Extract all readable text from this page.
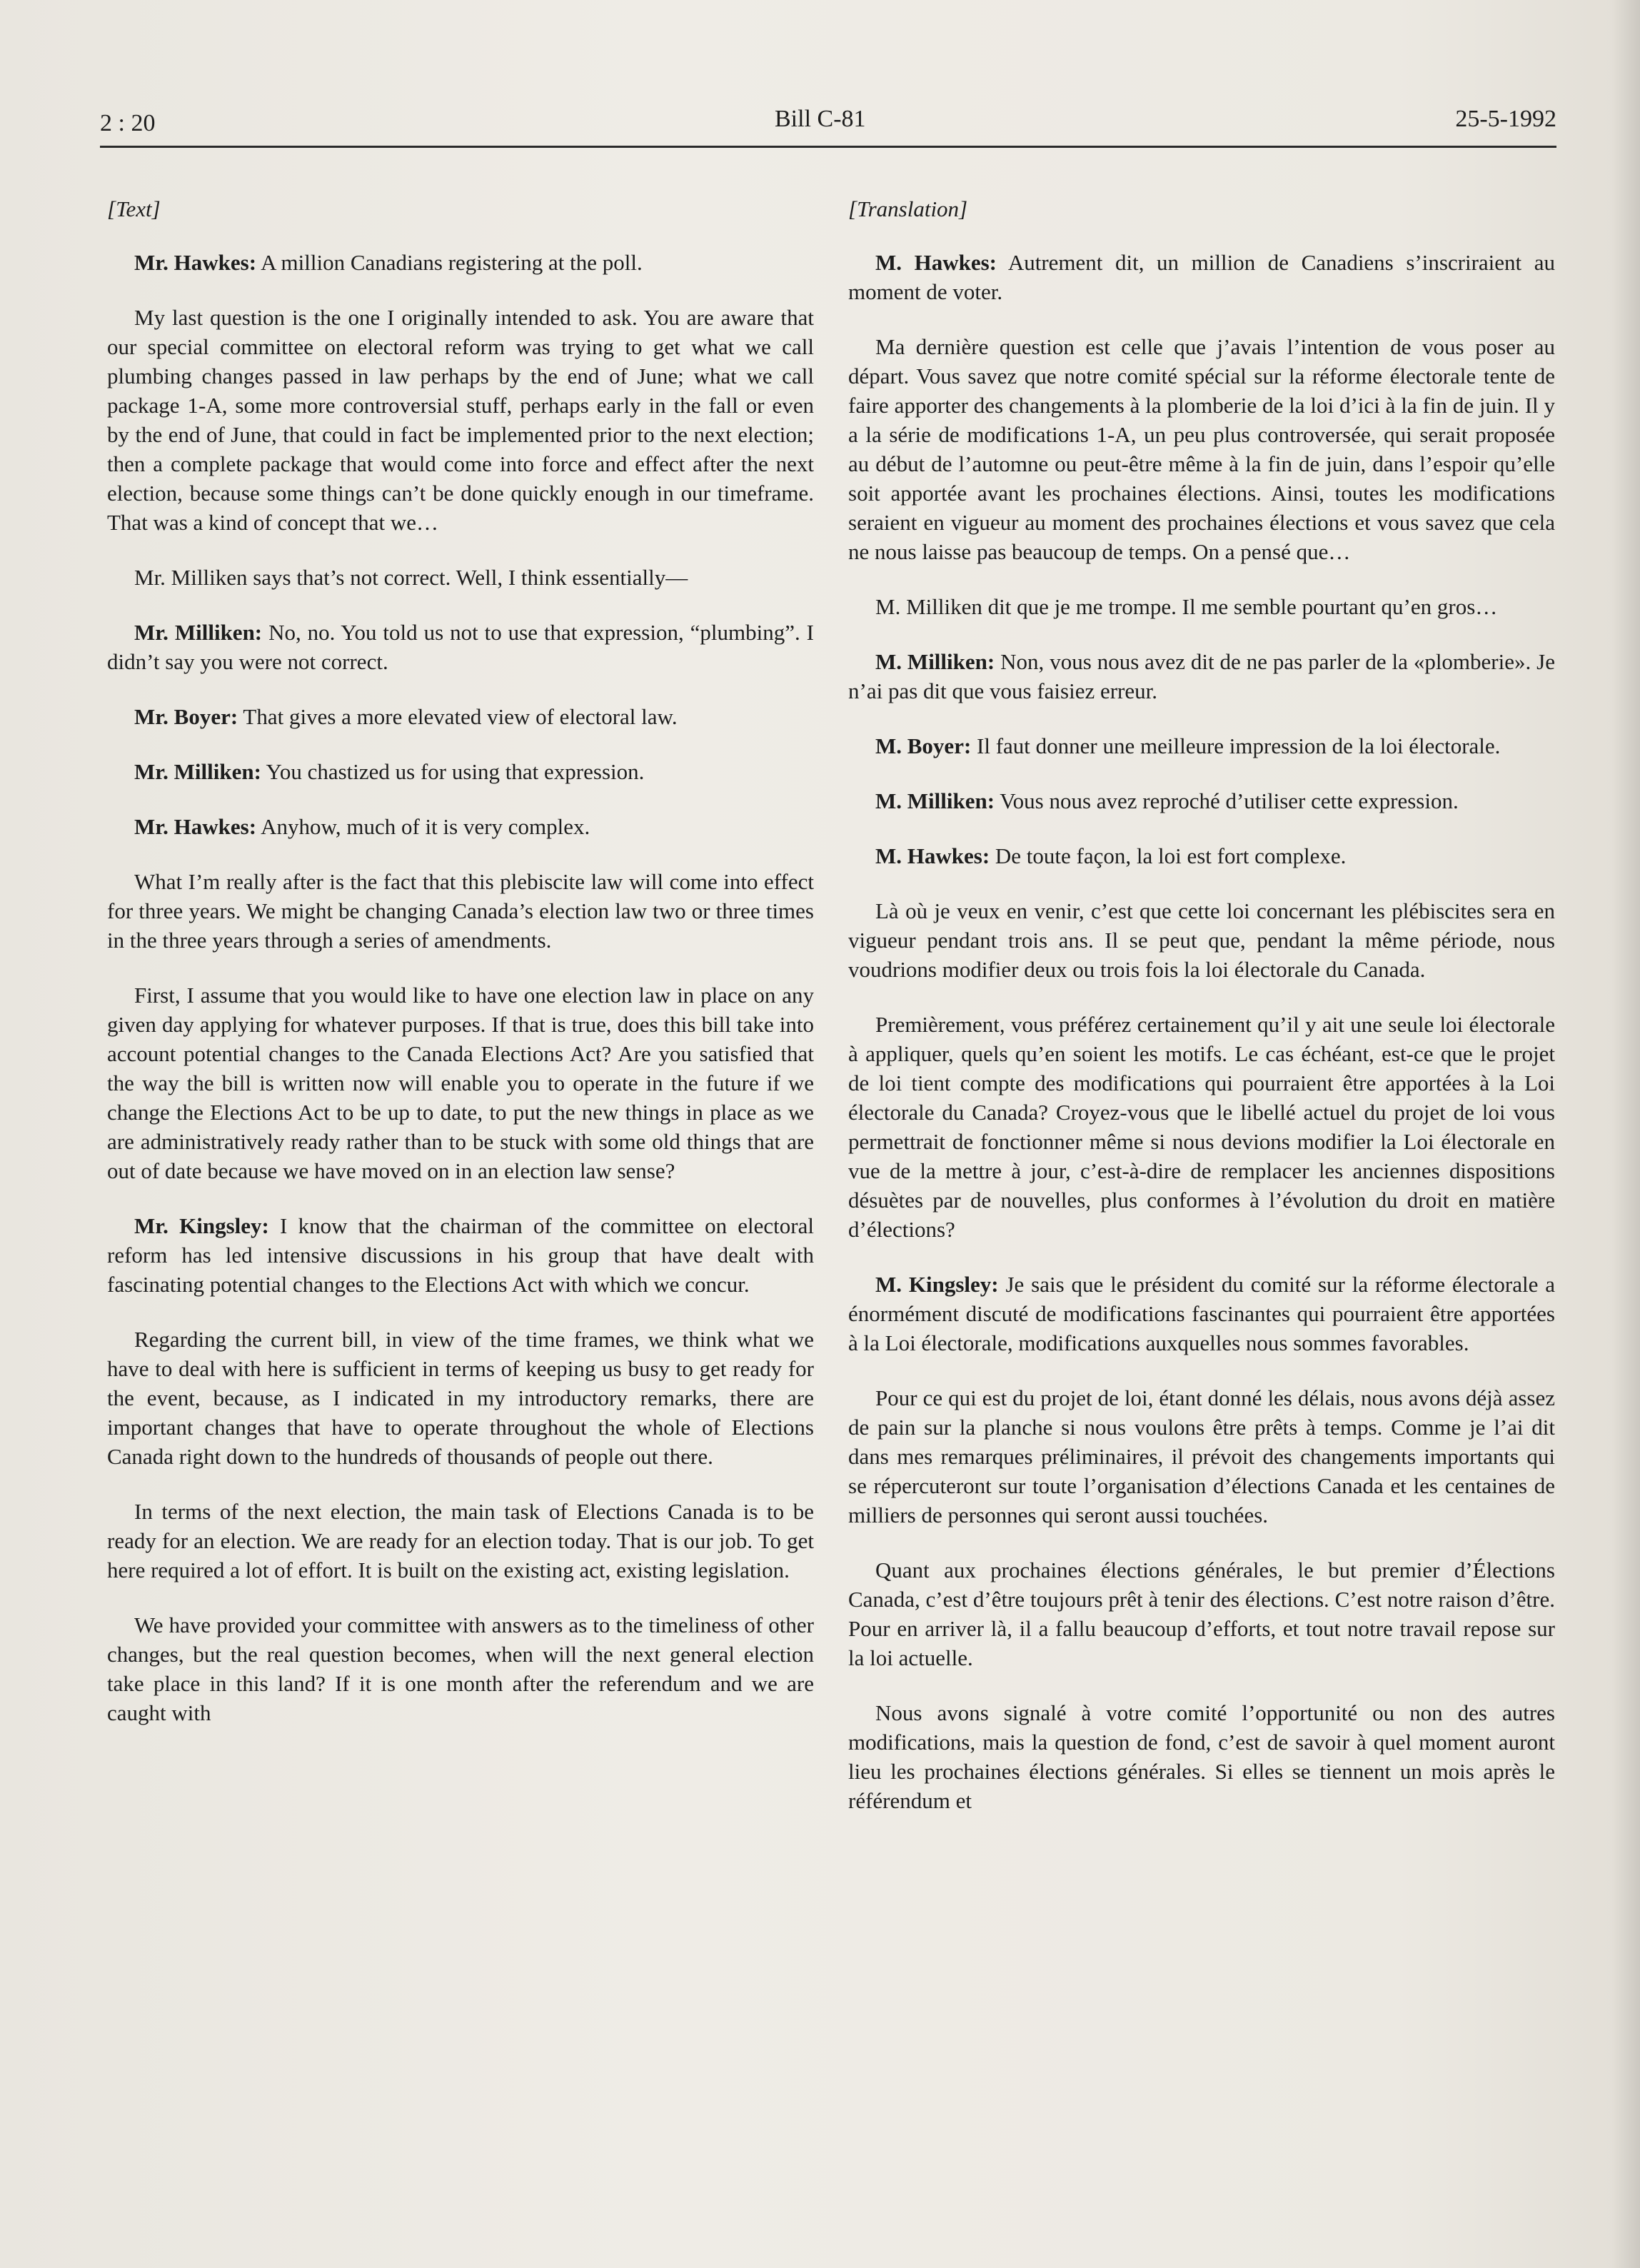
2 : 20	Bill C-81	25-5-1992

[Text]

Mr. Hawkes: A million Canadians registering at the poll.

My last question is the one I originally intended to ask. You are aware that our special committee on electoral reform was trying to get what we call plumbing changes passed in law perhaps by the end of June; what we call package 1-A, some more controversial stuff, perhaps early in the fall or even by the end of June, that could in fact be implemented prior to the next election; then a complete package that would come into force and effect after the next election, because some things can’t be done quickly enough in our timeframe. That was a kind of concept that we…

Mr. Milliken says that’s not correct. Well, I think essentially—

Mr. Milliken: No, no. You told us not to use that expression, “plumbing”. I didn’t say you were not correct.

Mr. Boyer: That gives a more elevated view of electoral law.

Mr. Milliken: You chastized us for using that expression.

Mr. Hawkes: Anyhow, much of it is very complex.

What I’m really after is the fact that this plebiscite law will come into effect for three years. We might be changing Canada’s election law two or three times in the three years through a series of amendments.

First, I assume that you would like to have one election law in place on any given day applying for whatever purposes. If that is true, does this bill take into account potential changes to the Canada Elections Act? Are you satisfied that the way the bill is written now will enable you to operate in the future if we change the Elections Act to be up to date, to put the new things in place as we are administratively ready rather than to be stuck with some old things that are out of date because we have moved on in an election law sense?

Mr. Kingsley: I know that the chairman of the committee on electoral reform has led intensive discussions in his group that have dealt with fascinating potential changes to the Elections Act with which we concur.

Regarding the current bill, in view of the time frames, we think what we have to deal with here is sufficient in terms of keeping us busy to get ready for the event, because, as I indicated in my introductory remarks, there are important changes that have to operate throughout the whole of Elections Canada right down to the hundreds of thousands of people out there.

In terms of the next election, the main task of Elections Canada is to be ready for an election. We are ready for an election today. That is our job. To get here required a lot of effort. It is built on the existing act, existing legislation.

We have provided your committee with answers as to the timeliness of other changes, but the real question becomes, when will the next general election take place in this land? If it is one month after the referendum and we are caught with

[Translation]

M. Hawkes: Autrement dit, un million de Canadiens s’inscriraient au moment de voter.

Ma dernière question est celle que j’avais l’intention de vous poser au départ. Vous savez que notre comité spécial sur la réforme électorale tente de faire apporter des changements à la plomberie de la loi d’ici à la fin de juin. Il y a la série de modifications 1-A, un peu plus controversée, qui serait proposée au début de l’automne ou peut-être même à la fin de juin, dans l’espoir qu’elle soit apportée avant les prochaines élections. Ainsi, toutes les modifications seraient en vigueur au moment des prochaines élections et vous savez que cela ne nous laisse pas beaucoup de temps. On a pensé que…

M. Milliken dit que je me trompe. Il me semble pourtant qu’en gros…

M. Milliken: Non, vous nous avez dit de ne pas parler de la «plomberie». Je n’ai pas dit que vous faisiez erreur.

M. Boyer: Il faut donner une meilleure impression de la loi électorale.

M. Milliken: Vous nous avez reproché d’utiliser cette expression.

M. Hawkes: De toute façon, la loi est fort complexe.

Là où je veux en venir, c’est que cette loi concernant les plébiscites sera en vigueur pendant trois ans. Il se peut que, pendant la même période, nous voudrions modifier deux ou trois fois la loi électorale du Canada.

Premièrement, vous préférez certainement qu’il y ait une seule loi électorale à appliquer, quels qu’en soient les motifs. Le cas échéant, est-ce que le projet de loi tient compte des modifications qui pourraient être apportées à la Loi électorale du Canada? Croyez-vous que le libellé actuel du projet de loi vous permettrait de fonctionner même si nous devions modifier la Loi électorale en vue de la mettre à jour, c’est-à-dire de remplacer les anciennes dispositions désuètes par de nouvelles, plus conformes à l’évolution du droit en matière d’élections?

M. Kingsley: Je sais que le président du comité sur la réforme électorale a énormément discuté de modifications fascinantes qui pourraient être apportées à la Loi électorale, modifications auxquelles nous sommes favorables.

Pour ce qui est du projet de loi, étant donné les délais, nous avons déjà assez de pain sur la planche si nous voulons être prêts à temps. Comme je l’ai dit dans mes remarques préliminaires, il prévoit des changements importants qui se répercuteront sur toute l’organisation d’élections Canada et les centaines de milliers de personnes qui seront aussi touchées.

Quant aux prochaines élections générales, le but premier d’Élections Canada, c’est d’être toujours prêt à tenir des élections. C’est notre raison d’être. Pour en arriver là, il a fallu beaucoup d’efforts, et tout notre travail repose sur la loi actuelle.

Nous avons signalé à votre comité l’opportunité ou non des autres modifications, mais la question de fond, c’est de savoir à quel moment auront lieu les prochaines élections générales. Si elles se tiennent un mois après le référendum et
